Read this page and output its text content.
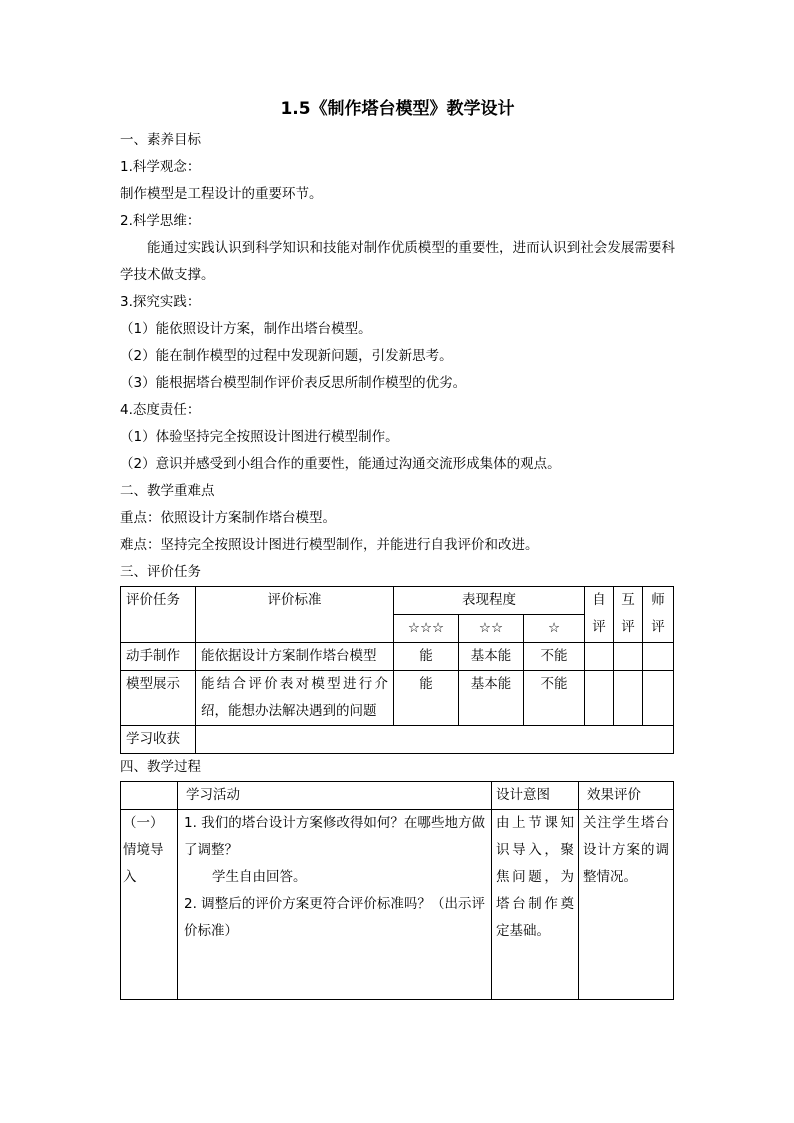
1.5《制作塔台模型》教学设计

一、素养目标

1.科学观念：

制作模型是工程设计的重要环节。

2.科学思维：

能通过实践认识到科学知识和技能对制作优质模型的重要性，进而认识到社会发展需要科学技术做支撑。

3.探究实践：

（1）能依照设计方案，制作出塔台模型。

（2）能在制作模型的过程中发现新问题，引发新思考。

（3）能根据塔台模型制作评价表反思所制作模型的优劣。

4.态度责任：

（1）体验坚持完全按照设计图进行模型制作。

（2）意识并感受到小组合作的重要性，能通过沟通交流形成集体的观点。

二、教学重难点

重点：依照设计方案制作塔台模型。

难点：坚持完全按照设计图进行模型制作，并能进行自我评价和改进。

三、评价任务

评价任务	评价标准	表现程度			自评	互评	师评
		☆☆☆	☆☆	☆			
动手制作	能依据设计方案制作塔台模型	能	基本能	不能			
模型展示	能结合评价表对模型进行介绍，能想办法解决遇到的问题	能	基本能	不能			
学习收获							

四、教学过程

	学习活动	设计意图	效果评价
（一）情境导入	1. 我们的塔台设计方案修改得如何？在哪些地方做了调整？
学生自由回答。
2. 调整后的评价方案更符合评价标准吗？（出示评价标准）	由上节课知识导入，聚焦问题，为塔台制作奠定基础。	关注学生塔台设计方案的调整情况。
